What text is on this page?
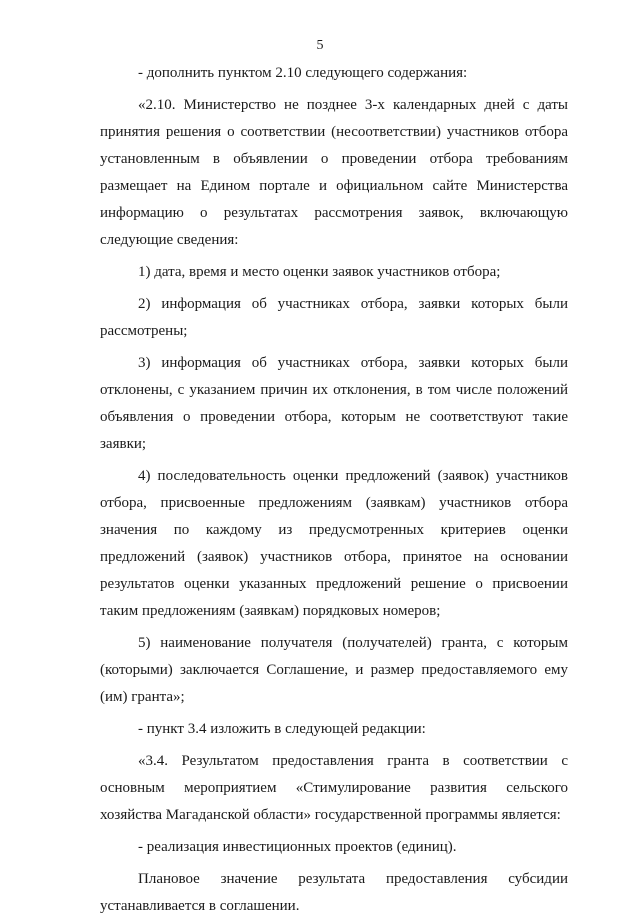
5

- дополнить пунктом 2.10 следующего содержания:

«2.10. Министерство не позднее 3-х календарных дней с даты принятия решения о соответствии (несоответствии) участников отбора установленным в объявлении о проведении отбора требованиям размещает на Едином портале и официальном сайте Министерства информацию о результатах рассмотрения заявок, включающую следующие сведения:

1) дата, время и место оценки заявок участников отбора;

2) информация об участниках отбора, заявки которых были рассмотрены;

3) информация об участниках отбора, заявки которых были отклонены, с указанием причин их отклонения, в том числе положений объявления о проведении отбора, которым не соответствуют такие заявки;

4) последовательность оценки предложений (заявок) участников отбора, присвоенные предложениям (заявкам) участников отбора значения по каждому из предусмотренных критериев оценки предложений (заявок) участников отбора, принятое на основании результатов оценки указанных предложений решение о присвоении таким предложениям (заявкам) порядковых номеров;

5) наименование получателя (получателей) гранта, с которым (которыми) заключается Соглашение, и размер предоставляемого ему (им) гранта»;

- пункт 3.4 изложить в следующей редакции:

«3.4. Результатом предоставления гранта в соответствии с основным мероприятием «Стимулирование развития сельского хозяйства Магаданской области» государственной программы является:

- реализация инвестиционных проектов (единиц).

Плановое значение результата предоставления субсидии устанавливается в соглашении.
